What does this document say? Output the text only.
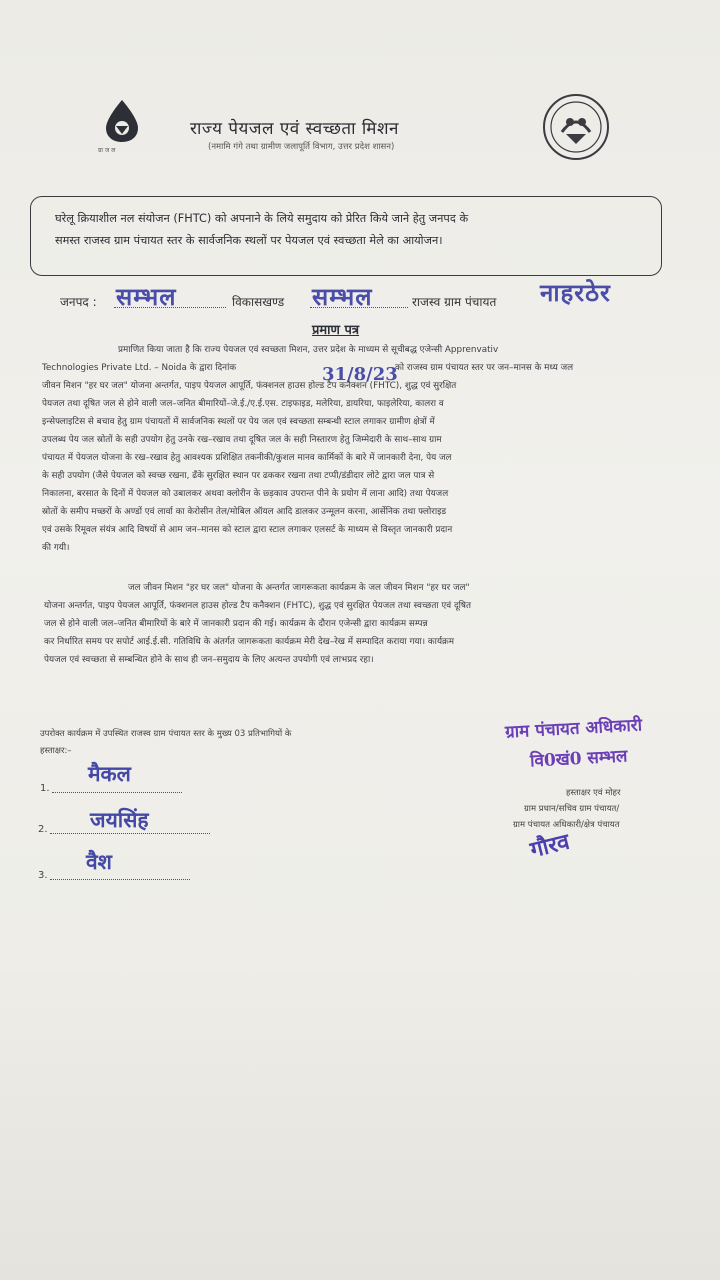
ग्रा ज ल
राज्य पेयजल एवं स्वच्छता मिशन
(नमामि गंगे तथा ग्रामीण जलापूर्ति विभाग, उत्तर प्रदेश शासन)
घरेलू क्रियाशील नल संयोजन (FHTC) को अपनाने के लिये समुदाय को प्रेरित किये जाने हेतु जनपद के
समस्त राजस्व ग्राम पंचायत स्तर के सार्वजनिक स्थलों पर पेयजल एवं स्वच्छता मेले का आयोजन।
जनपद : सम्भल	विकासखण्ड सम्भल	राजस्व ग्राम पंचायत नाहरठेर
प्रमाण पत्र
प्रमाणित किया जाता है कि राज्य पेयजल एवं स्वच्छता मिशन, उत्तर प्रदेश के माध्यम से सूचीबद्ध एजेन्सी Apprenvativ
Technologies Private Ltd. – Noida के द्वारा दिनांक	31/8/23
को राजस्व ग्राम पंचायत स्तर पर जन–मानस के मध्य जल
जीवन मिशन "हर घर जल" योजना अन्तर्गत, पाइप पेयजल आपूर्ति, फंक्शनल हाउस होल्ड टैप कनैक्शन (FHTC), शुद्ध एवं सुरक्षित
पेयजल तथा दूषित जल से होने वाली जल–जनित बीमारियों–जे.ई./ए.ई.एस. टाइफाइड, मलेरिया, डायरिया, फाइलेरिया, कालरा व
इन्सेफ्लाइटिस से बचाव हेतु ग्राम पंचायतों में सार्वजनिक स्थलों पर पेय जल एवं स्वच्छता सम्बन्धी स्टाल लगाकर ग्रामीण क्षेत्रों में
उपलब्ध पेय जल स्रोतों के सही उपयोग हेतु उनके रख–रखाव तथा दूषित जल के सही निस्तारण हेतु जिम्मेदारी के साथ–साथ ग्राम
पंचायत में पेयजल योजना के रख–रखाव हेतु आवश्यक प्रशिक्षित तकनीकी/कुशल मानव कार्मिकों के बारे में जानकारी देना, पेय जल
के सही उपयोग (जैसे पेयजल को स्वच्छ रखना, ढँके सुरक्षित स्थान पर ढककर रखना तथा टप्पी/डंडीदार लोटे द्वारा जल पात्र से
निकालना, बरसात के दिनों में पेयजल को उबालकर अथवा क्लोरीन के छ्ड़काव उपरान्त पीने के प्रयोग में लाना आदि) तथा पेयजल
स्रोतों के समीप मच्छरों के अण्डों एवं लार्वा का केरोसीन तेल/मोबिल ऑयल आदि डालकर उन्मूलन करना, आर्सेनिक तथा फ्लोराइड
एवं उसके रिमूवल संयंत्र आदि विषयों से आम जन–मानस को स्टाल द्वारा स्टाल लगाकर एलसर्ट के माध्यम से विस्तृत जानकारी प्रदान
की गयी।
जल जीवन मिशन "हर घर जल" योजना के अन्तर्गत जागरूकता कार्यक्रम के जल जीवन मिशन "हर घर जल"
योजना अन्तर्गत, पाइप पेयजल आपूर्ति, फंक्शनल हाउस होल्ड टैप कनैक्शन (FHTC), शुद्ध एवं सुरक्षित पेयजल तथा स्वच्छता एवं दूषित
जल से होने वाली जल–जनित बीमारियों के बारे में जानकारी प्रदान की गई। कार्यक्रम के दौरान एजेन्सी द्वारा कार्यक्रम सम्पन्न
कर निर्धारित समय पर सपोर्ट आई.ई.सी. गतिविधि के अंतर्गत जागरूकता कार्यक्रम मेरी देख–रेख में सम्पादित कराया गया। कार्यक्रम
पेयजल एवं स्वच्छता से सम्बन्धित होने के साथ ही जन–समुदाय के लिए अत्यन्त उपयोगी एवं लाभप्रद रहा।
उपरोक्त कार्यक्रम में उपस्थित राजस्व ग्राम पंचायत स्तर के मुख्य 03 प्रतिभागियों के
हस्ताक्षर:–
1.
मैकल
2. जयसिंह
3.
वैश
ग्राम पंचायत अधिकारी
वि0खं0 सम्भल
हस्ताक्षर एवं मोहर
ग्राम प्रधान/सचिव ग्राम पंचायत/
ग्राम पंचायत अधिकारी/क्षेत्र पंचायत
गौरव
